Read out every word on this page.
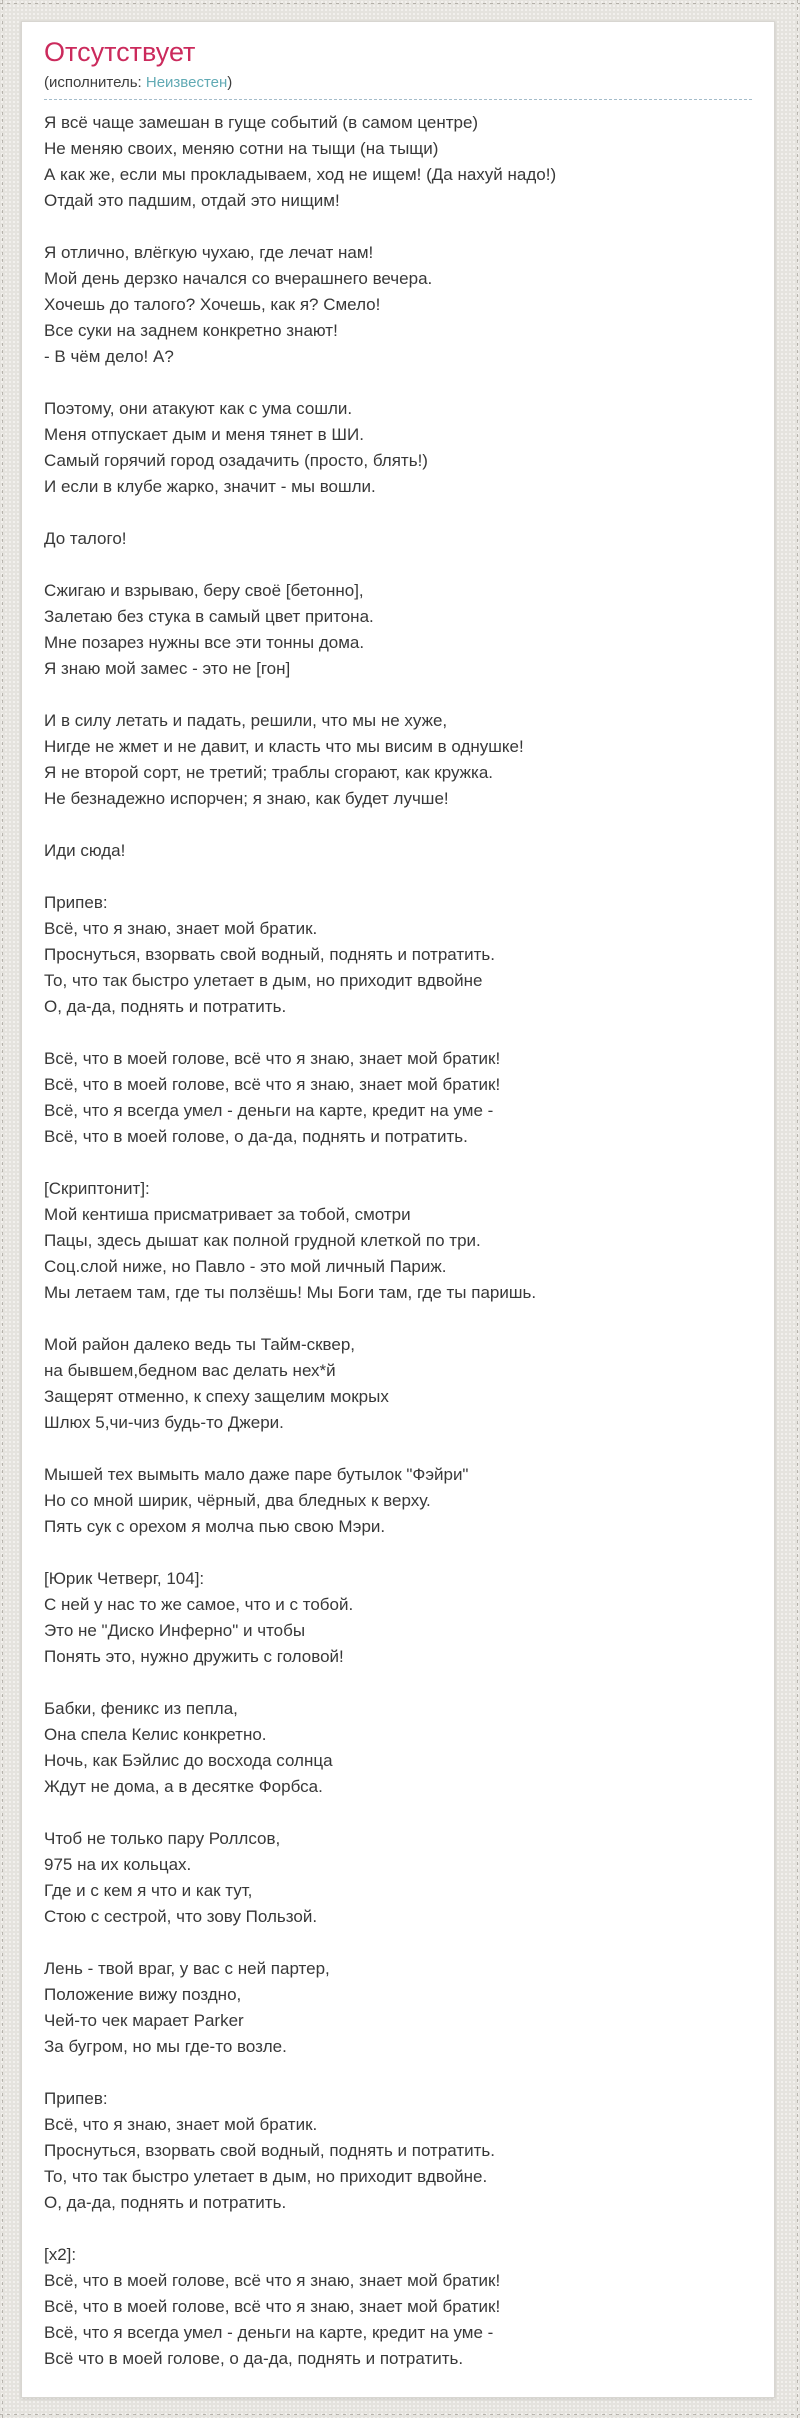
Отсутствует
(исполнитель: Неизвестен)

Я всё чаще замешан в гуще событий (в самом центре)
Не меняю своих, меняю сотни на тыщи (на тыщи)
А как же, если мы прокладываем, ход не ищем! (Да нахуй надо!)
Отдай это падшим, отдай это нищим!

Я отлично, влёгкую чухаю, где лечат нам!
Мой день дерзко начался со вчерашнего вечера.
Хочешь до талого? Хочешь, как я? Смело!
Все суки на заднем конкретно знают!
- В чём дело! А?

Поэтому, они атакуют как с ума сошли.
Меня отпускает дым и меня тянет в ШИ.
Самый горячий город озадачить (просто, блять!)
И если в клубе жарко, значит - мы вошли.

До талого!

Сжигаю и взрываю, беру своё [бетонно],
Залетаю без стука в самый цвет притона.
Мне позарез нужны все эти тонны дома.
Я знаю мой замес - это не [гон]

И в силу летать и падать, решили, что мы не хуже,
Нигде не жмет и не давит, и класть что мы висим в однушке!
Я не второй сорт, не третий; траблы сгорают, как кружка.
Не безнадежно испорчен; я знаю, как будет лучше!

Иди сюда!

Припев:
Всё, что я знаю, знает мой братик.
Проснуться, взорвать свой водный, поднять и потратить.
То, что так быстро улетает в дым, но приходит вдвойне
О, да-да, поднять и потратить.

Всё, что в моей голове, всё что я знаю, знает мой братик!
Всё, что в моей голове, всё что я знаю, знает мой братик!
Всё, что я всегда умел - деньги на карте, кредит на уме -
Всё, что в моей голове, о да-да, поднять и потратить.

[Скриптонит]:
Мой кентиша присматривает за тобой, смотри
Пацы, здесь дышат как полной грудной клеткой по три.
Соц.слой ниже, но Павло - это мой личный Париж.
Мы летаем там, где ты ползёшь! Мы Боги там, где ты паришь.

Мой район далеко ведь ты Тайм-сквер,
на бывшем,бедном вас делать нех*й
Защерят отменно, к спеху защелим мокрых
Шлюх 5,чи-чиз будь-то Джери.

Мышей тех вымыть мало даже паре бутылок "Фэйри"
Но со мной ширик, чёрный, два бледных к верху.
Пять сук с орехом я молча пью свою Мэри.

[Юрик Четверг, 104]:
С ней у нас то же самое, что и с тобой.
Это не "Диско Инферно" и чтобы
Понять это, нужно дружить с головой!

Бабки, феникс из пепла,
Она спела Келис конкретно.
Ночь, как Бэйлис до восхода солнца
Ждут не дома, а в десятке Форбса.

Чтоб не только пару Роллсов,
975 на их кольцах.
Где и с кем я что и как тут,
Стою с сестрой, что зову Пользой.

Лень - твой враг, у вас с ней партер,
Положение вижу поздно,
Чей-то чек марает Parker
За бугром, но мы где-то возле.

Припев:
Всё, что я знаю, знает мой братик.
Проснуться, взорвать свой водный, поднять и потратить.
То, что так быстро улетает в дым, но приходит вдвойне.
О, да-да, поднять и потратить.

[x2]:
Всё, что в моей голове, всё что я знаю, знает мой братик!
Всё, что в моей голове, всё что я знаю, знает мой братик!
Всё, что я всегда умел - деньги на карте, кредит на уме -
Всё что в моей голове, о да-да, поднять и потратить.
